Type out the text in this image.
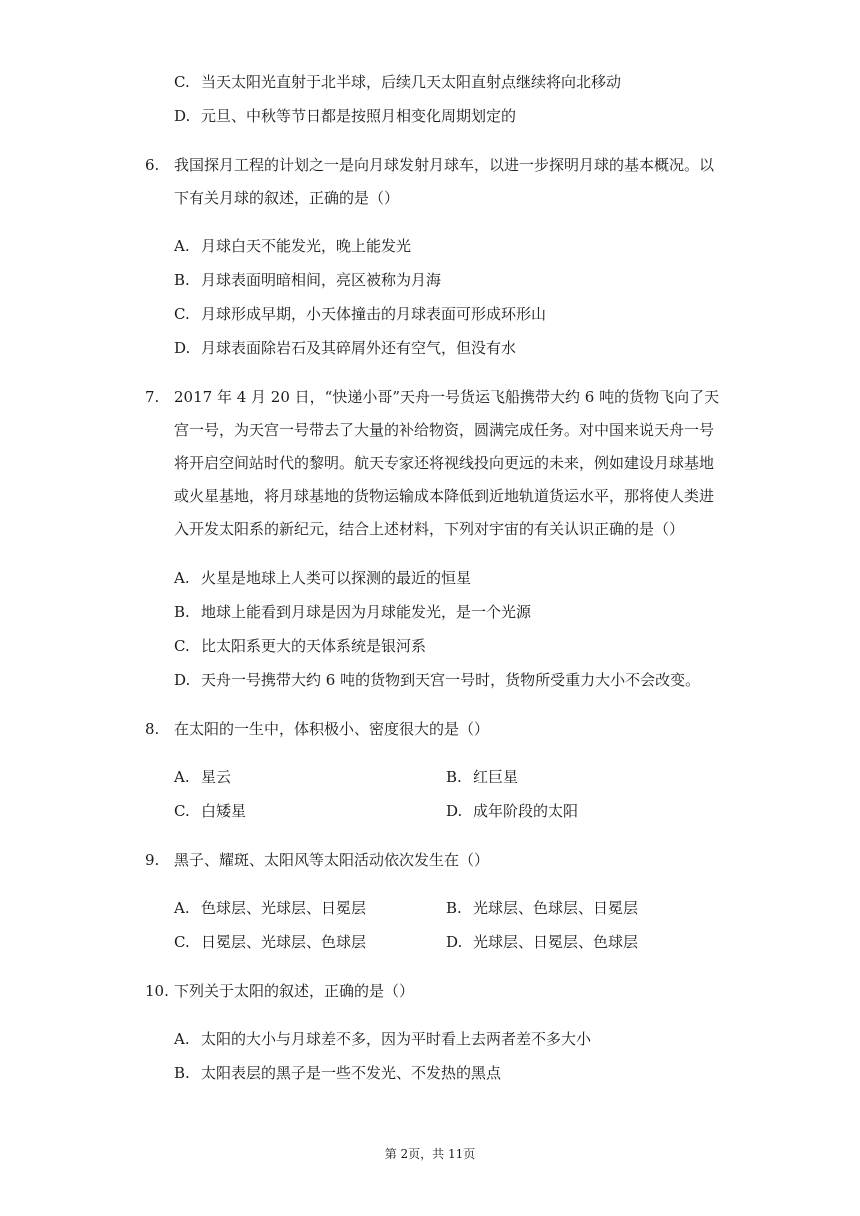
C. 当天太阳光直射于北半球，后续几天太阳直射点继续将向北移动
D. 元旦、中秋等节日都是按照月相变化周期划定的
6. 我国探月工程的计划之一是向月球发射月球车，以进一步探明月球的基本概况。以
下有关月球的叙述，正确的是（）
A. 月球白天不能发光，晚上能发光
B. 月球表面明暗相间，亮区被称为月海
C. 月球形成早期，小天体撞击的月球表面可形成环形山
D. 月球表面除岩石及其碎屑外还有空气，但没有水
7. 2017 年 4 月 20 日，“快递小哥”天舟一号货运飞船携带大约 6 吨的货物飞向了天
宫一号，为天宫一号带去了大量的补给物资，圆满完成任务。对中国来说天舟一号
将开启空间站时代的黎明。航天专家还将视线投向更远的未来，例如建设月球基地
或火星基地，将月球基地的货物运输成本降低到近地轨道货运水平，那将使人类进
入开发太阳系的新纪元，结合上述材料，下列对宇宙的有关认识正确的是（）
A. 火星是地球上人类可以探测的最近的恒星
B. 地球上能看到月球是因为月球能发光，是一个光源
C. 比太阳系更大的天体系统是银河系
D. 天舟一号携带大约 6 吨的货物到天宫一号时，货物所受重力大小不会改变。
8. 在太阳的一生中，体积极小、密度很大的是（）
A. 星云	B. 红巨星
C. 白矮星	D. 成年阶段的太阳
9. 黑子、耀斑、太阳风等太阳活动依次发生在（）
A. 色球层、光球层、日冕层	B. 光球层、色球层、日冕层
C. 日冕层、光球层、色球层	D. 光球层、日冕层、色球层
10. 下列关于太阳的叙述，正确的是（）
A. 太阳的大小与月球差不多，因为平时看上去两者差不多大小
B. 太阳表层的黑子是一些不发光、不发热的黑点
第 2页，共 11页
